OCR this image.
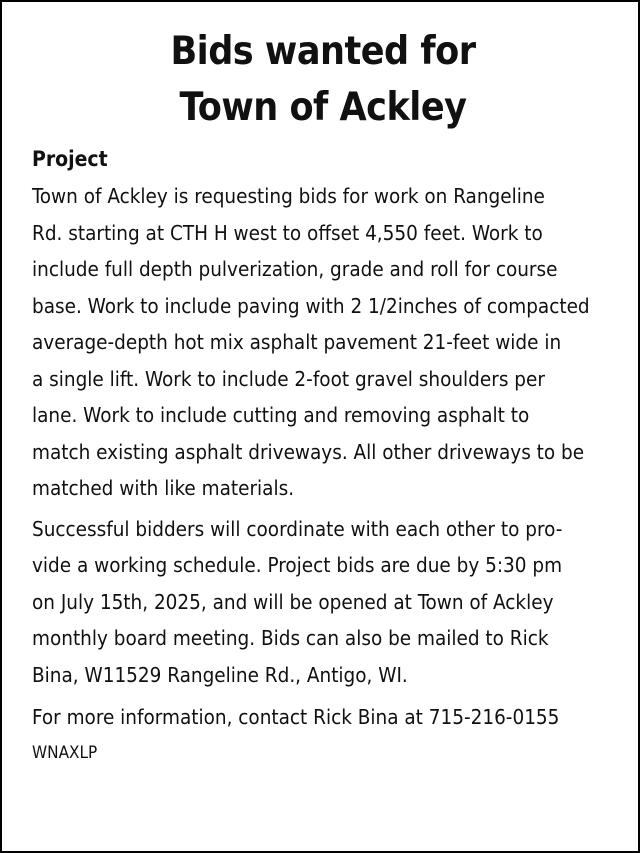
Bids wanted for
Town of Ackley
Project

Town of Ackley is requesting bids for work on Rangeline
Rd. starting at CTH H west to offset 4,550 feet. Work to
include full depth pulverization, grade and roll for course
base. Work to include paving with 2 1/2inches of compacted
average-depth hot mix asphalt pavement 21-feet wide in
a single lift. Work to include 2-foot gravel shoulders per
lane. Work to include cutting and removing asphalt to
match existing asphalt driveways. All other driveways to be
matched with like materials.

Successful bidders will coordinate with each other to pro-
vide a working schedule. Project bids are due by 5:30 pm
on July 15th, 2025, and will be opened at Town of Ackley
monthly board meeting. Bids can also be mailed to Rick
Bina, W11529 Rangeline Rd., Antigo, WI.

For more information, contact Rick Bina at 715-216-0155

WNAXLP
